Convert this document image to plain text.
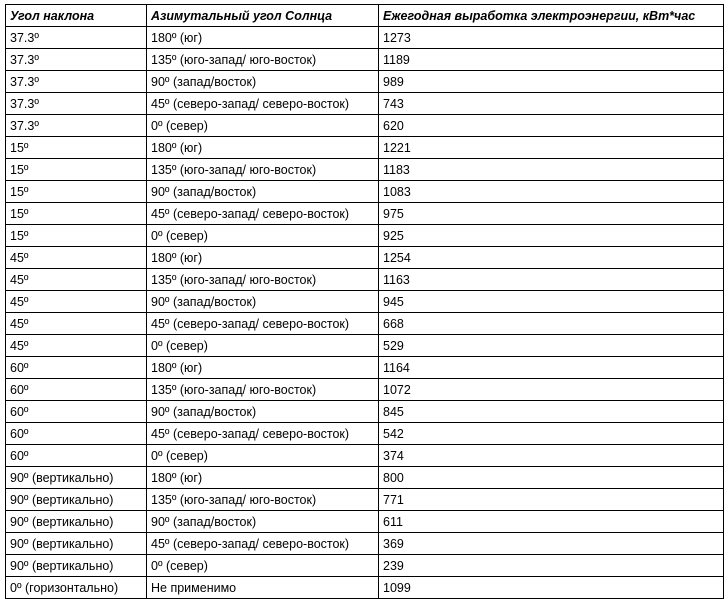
Угол наклона	Азимутальный угол Солнца	Ежегодная выработка электроэнергии, кВт*час
37.3º	180º (юг)	1273
37.3º	135º (юго-запад/ юго-восток)	1189
37.3º	90º (запад/восток)	989
37.3º	45º (северо-запад/ северо-восток)	743
37.3º	0º (север)	620
15º	180º (юг)	1221
15º	135º (юго-запад/ юго-восток)	1183
15º	90º (запад/восток)	1083
15º	45º (северо-запад/ северо-восток)	975
15º	0º (север)	925
45º	180º (юг)	1254
45º	135º (юго-запад/ юго-восток)	1163
45º	90º (запад/восток)	945
45º	45º (северо-запад/ северо-восток)	668
45º	0º (север)	529
60º	180º (юг)	1164
60º	135º (юго-запад/ юго-восток)	1072
60º	90º (запад/восток)	845
60º	45º (северо-запад/ северо-восток)	542
60º	0º (север)	374
90º (вертикально)	180º (юг)	800
90º (вертикально)	135º (юго-запад/ юго-восток)	771
90º (вертикально)	90º (запад/восток)	611
90º (вертикально)	45º (северо-запад/ северо-восток)	369
90º (вертикально)	0º (север)	239
0º (горизонтально)	Не применимо	1099
